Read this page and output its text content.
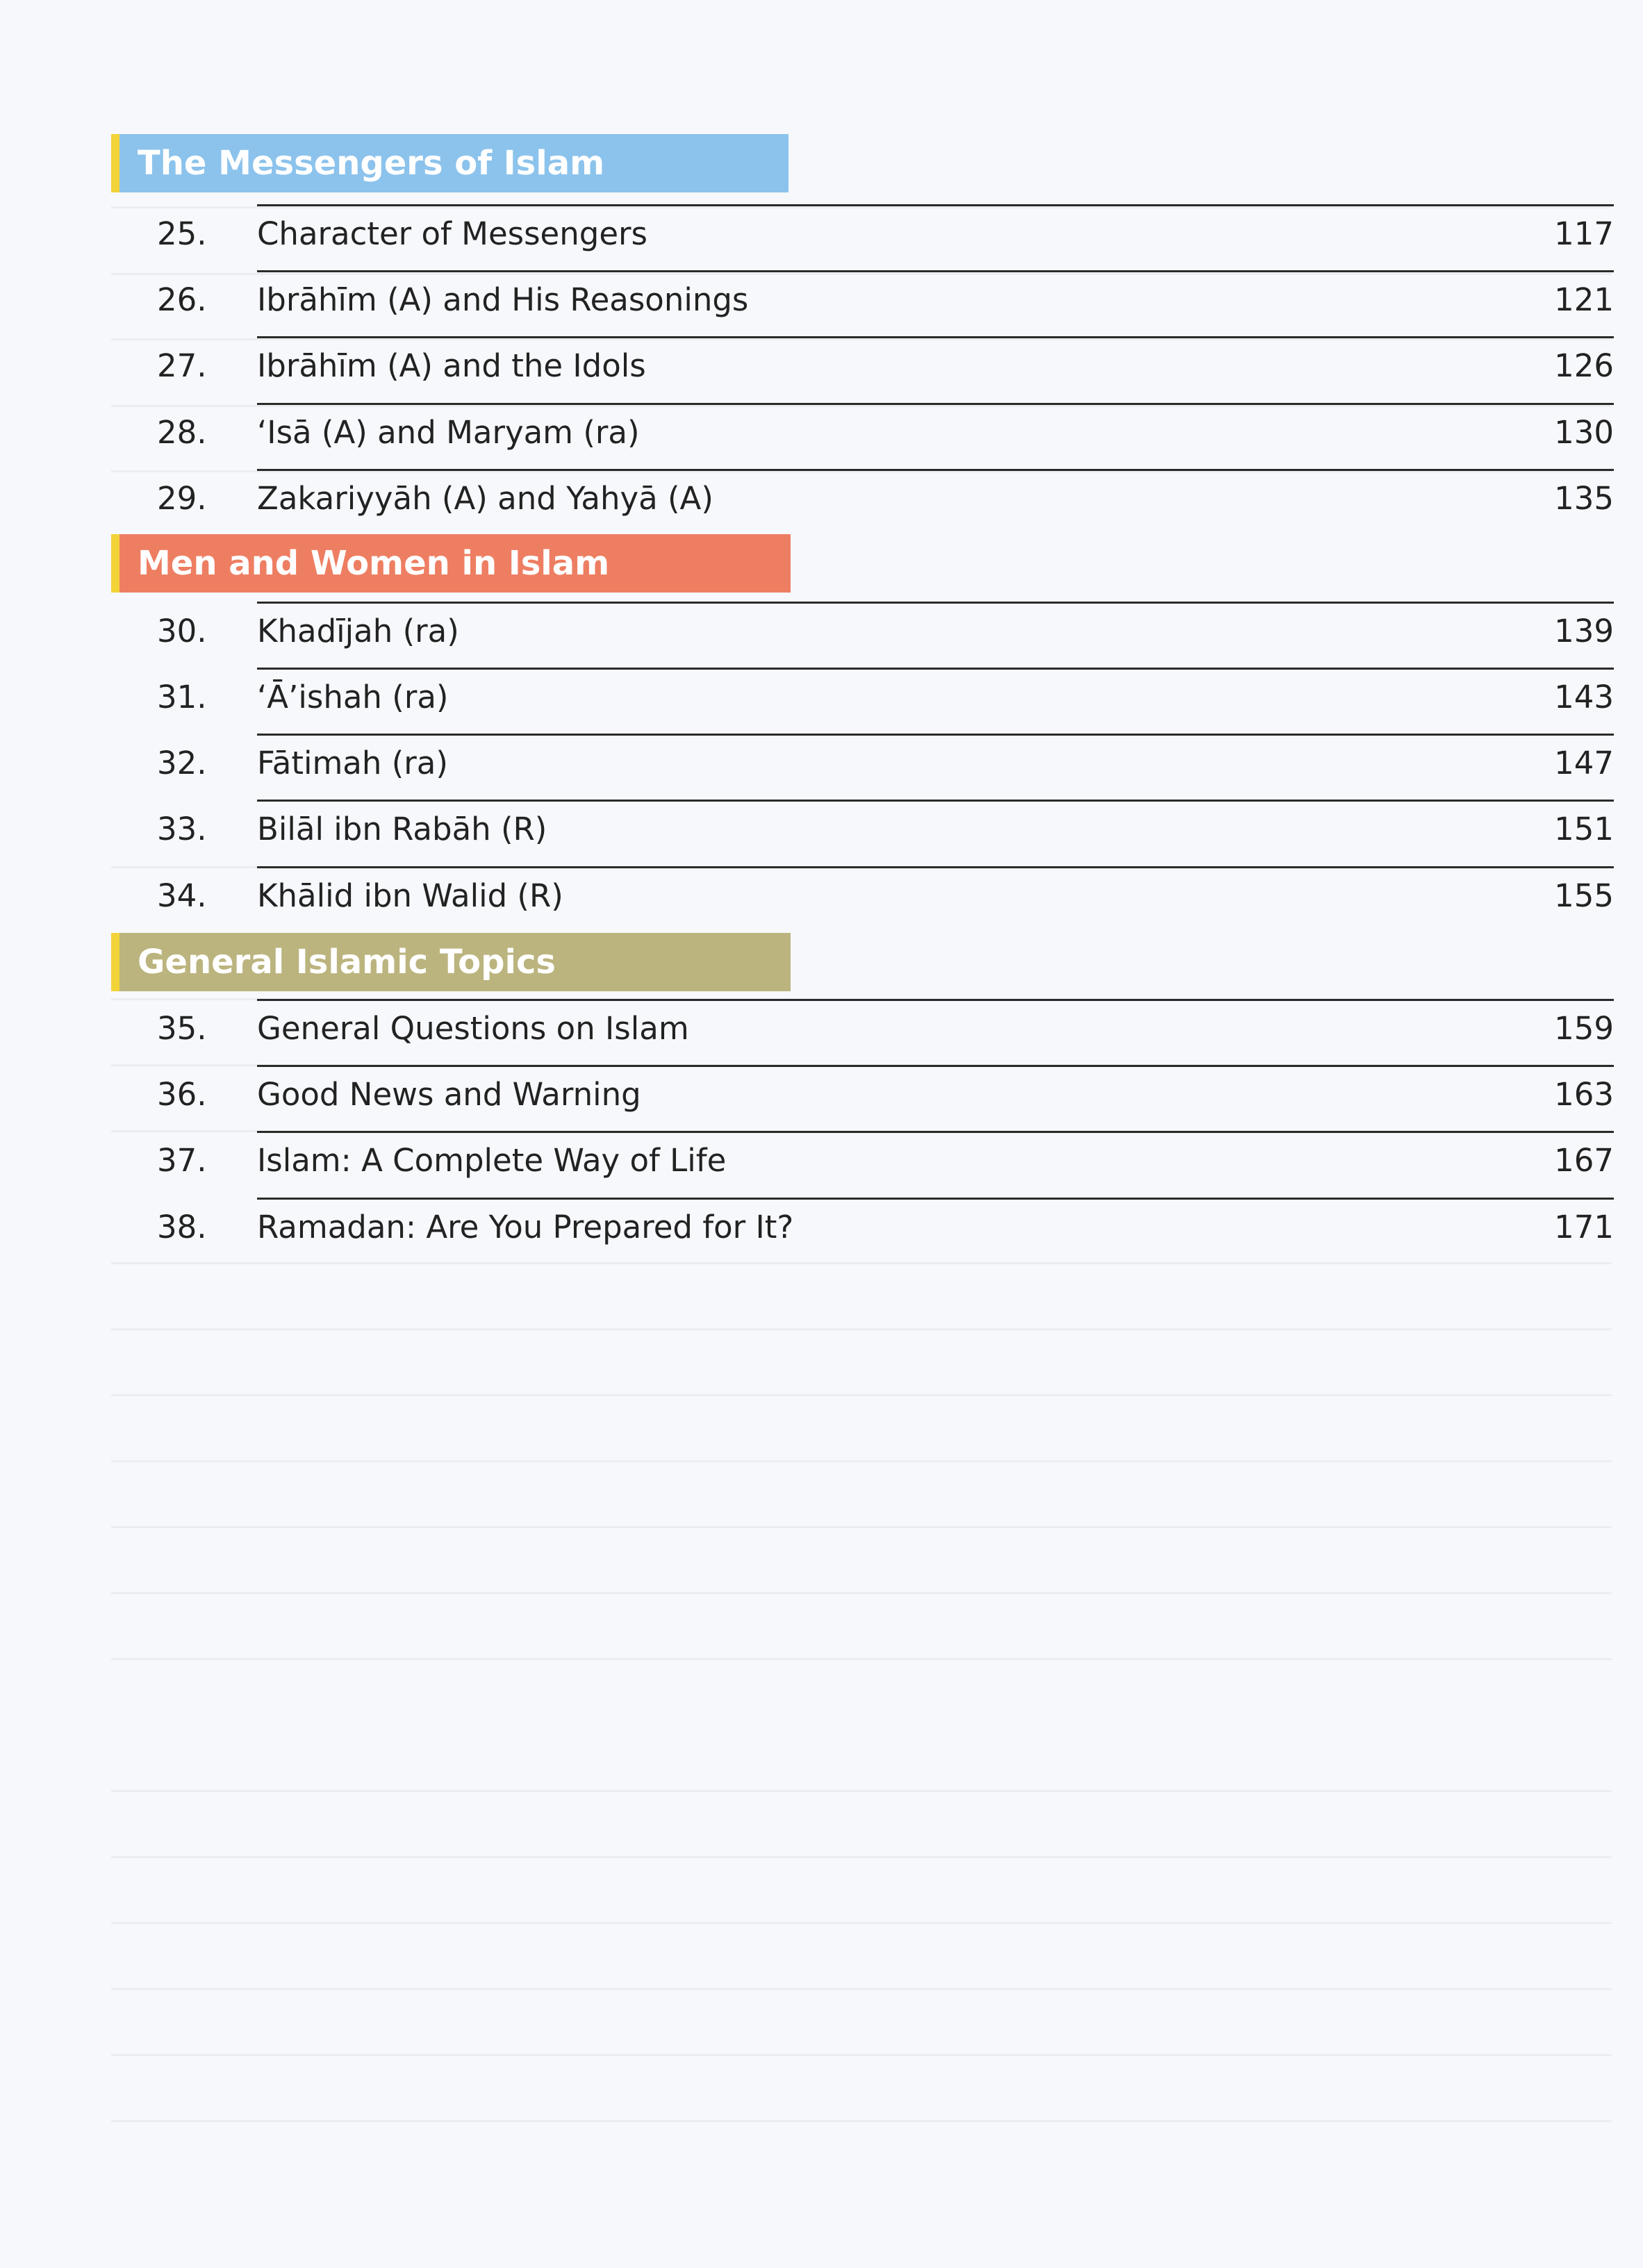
The Messengers of Islam
25. Character of Messengers	117
26. Ibrāhīm (A) and His Reasonings	121
27. Ibrāhīm (A) and the Idols	126
28. ‘Isā (A) and Maryam (ra)	130
29. Zakariyyāh (A) and Yahyā (A)	135
Men and Women in Islam
30. Khadījah (ra)	139
31. ‘Ā’ishah (ra)	143
32. Fātimah (ra)	147
33. Bilāl ibn Rabāh (R)	151
34. Khālid ibn Walid (R)	155
General Islamic Topics
35. General Questions on Islam	159
36. Good News and Warning	163
37. Islam: A Complete Way of Life	167
38. Ramadan: Are You Prepared for It?	171
